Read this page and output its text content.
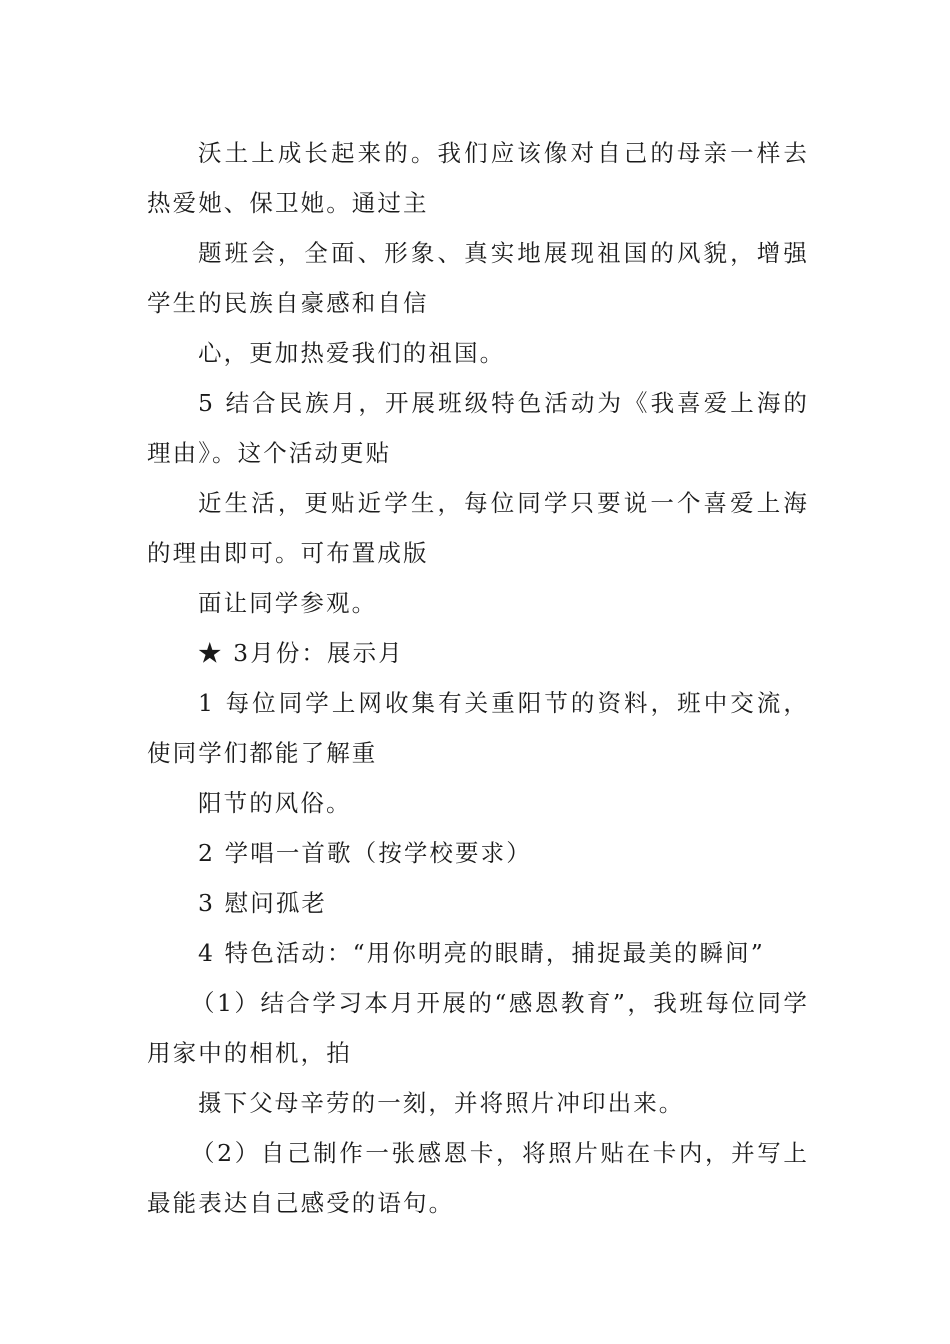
沃土上成长起来的。我们应该像对自己的母亲一样去热爱她、保卫她。通过主

题班会，全面、形象、真实地展现祖国的风貌，增强学生的民族自豪感和自信

心，更加热爱我们的祖国。

5 结合民族月，开展班级特色活动为《我喜爱上海的理由》。这个活动更贴

近生活，更贴近学生，每位同学只要说一个喜爱上海的理由即可。可布置成版

面让同学参观。

★ 3月份：展示月

1 每位同学上网收集有关重阳节的资料，班中交流，使同学们都能了解重

阳节的风俗。

2 学唱一首歌（按学校要求）

3 慰问孤老

4 特色活动：“用你明亮的眼睛，捕捉最美的瞬间”

（1）结合学习本月开展的“感恩教育”，我班每位同学用家中的相机，拍

摄下父母辛劳的一刻，并将照片冲印出来。

（2）自己制作一张感恩卡，将照片贴在卡内，并写上最能表达自己感受的语句。
